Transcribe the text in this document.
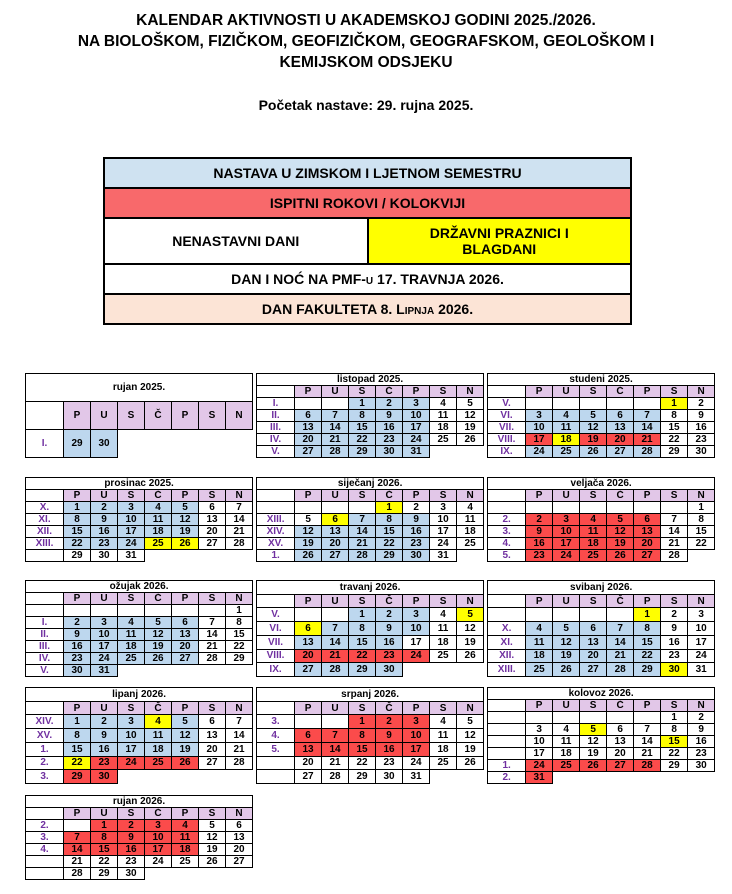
KALENDAR AKTIVNOSTI U AKADEMSKOJ GODINI 2025./2026.
NA BIOLOŠKOM, FIZIČKOM, GEOFIZIČKOM, GEOGRAFSKOM, GEOLOŠKOM I
KEMIJSKOM ODSJEKU
Početak nastave: 29. rujna 2025.
NASTAVA U ZIMSKOM I LJETNOM SEMESTRU
ISPITNI ROKOVI / KOLOKVIJI
NENASTAVNI DANI	DRŽAVNI PRAZNICI I BLAGDANI
DAN I NOĆ NA PMF-u 17. TRAVNJA 2026.
DAN FAKULTETA 8. Lipnja 2026.
rujan 2025.							
	P	U	S	Č	P	S	N
I.	29	30					
listopad 2025.							
	P	U	S	Č	P	S	N
I.			1	2	3	4	5
II.	6	7	8	9	10	11	12
III.	13	14	15	16	17	18	19
IV.	20	21	22	23	24	25	26
V.	27	28	29	30	31		
studeni 2025.							
	P	U	S	Č	P	S	N
V.						1	2
VI.	3	4	5	6	7	8	9
VII.	10	11	12	13	14	15	16
VIII.	17	18	19	20	21	22	23
IX.	24	25	26	27	28	29	30
prosinac 2025.							
	P	U	S	Č	P	S	N
X.	1	2	3	4	5	6	7
XI.	8	9	10	11	12	13	14
XII.	15	16	17	18	19	20	21
XIII.	22	23	24	25	26	27	28
	29	30	31				
siječanj 2026.							
	P	U	S	Č	P	S	N
				1	2	3	4
XIII.	5	6	7	8	9	10	11
XIV.	12	13	14	15	16	17	18
XV.	19	20	21	22	23	24	25
1.	26	27	28	29	30	31	
veljača 2026.							
	P	U	S	Č	P	S	N
							1
2.	2	3	4	5	6	7	8
3.	9	10	11	12	13	14	15
4.	16	17	18	19	20	21	22
5.	23	24	25	26	27	28	
ožujak 2026.							
	P	U	S	Č	P	S	N
							1
I.	2	3	4	5	6	7	8
II.	9	10	11	12	13	14	15
III.	16	17	18	19	20	21	22
IV.	23	24	25	26	27	28	29
V.	30	31					
travanj 2026.							
	P	U	S	Č	P	S	N
V.			1	2	3	4	5
VI.	6	7	8	9	10	11	12
VII.	13	14	15	16	17	18	19
VIII.	20	21	22	23	24	25	26
IX.	27	28	29	30			
svibanj 2026.							
	P	U	S	Č	P	S	N
					1	2	3
X.	4	5	6	7	8	9	10
XI.	11	12	13	14	15	16	17
XII.	18	19	20	21	22	23	24
XIII.	25	26	27	28	29	30	31
lipanj 2026.							
	P	U	S	Č	P	S	N
XIV.	1	2	3	4	5	6	7
XV.	8	9	10	11	12	13	14
1.	15	16	17	18	19	20	21
2.	22	23	24	25	26	27	28
3.	29	30					
srpanj 2026.							
	P	U	S	Č	P	S	N
3.			1	2	3	4	5
4.	6	7	8	9	10	11	12
5.	13	14	15	16	17	18	19
	20	21	22	23	24	25	26
	27	28	29	30	31		
kolovoz 2026.							
	P	U	S	Č	P	S	N
						1	2
	3	4	5	6	7	8	9
	10	11	12	13	14	15	16
	17	18	19	20	21	22	23
1.	24	25	26	27	28	29	30
2.	31						
rujan 2026.							
	P	U	S	Č	P	S	N
2.		1	2	3	4	5	6
3.	7	8	9	10	11	12	13
4.	14	15	16	17	18	19	20
	21	22	23	24	25	26	27
	28	29	30				
